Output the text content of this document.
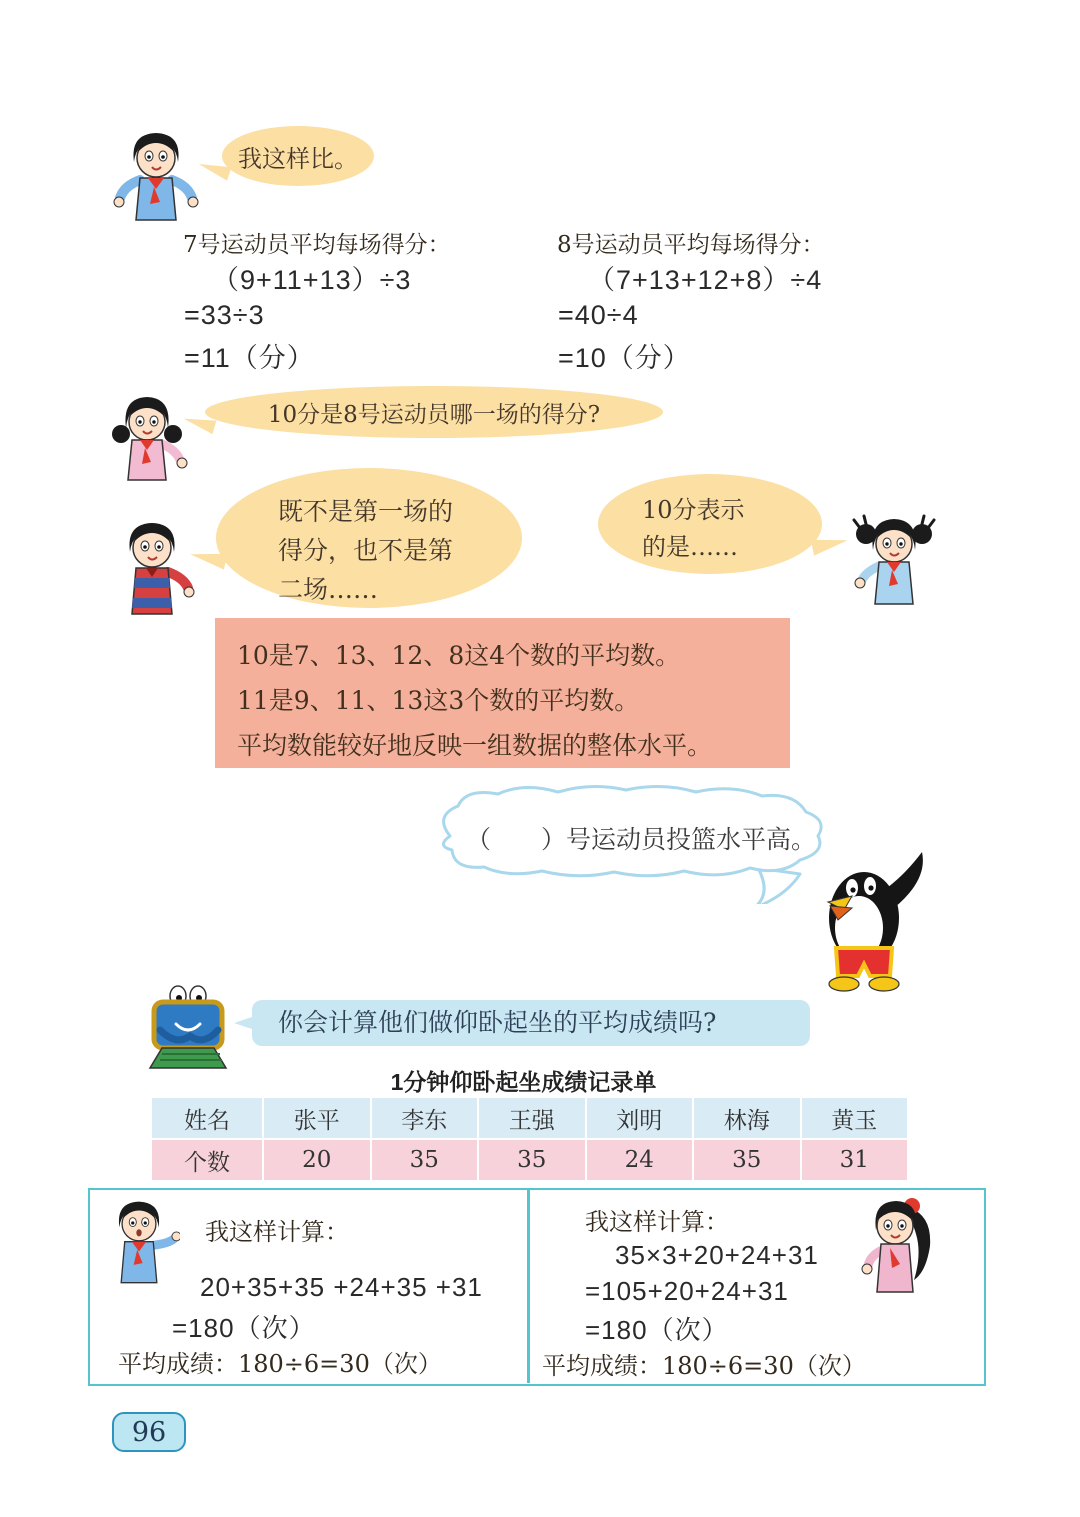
我这样比。
7号运动员平均每场得分：
（9+11+13）÷3
=33÷3
=11（分）
8号运动员平均每场得分：
（7+13+12+8）÷4
=40÷4
=10（分）
10分是8号运动员哪一场的得分?
既不是第一场的
得分，也不是第
二场……
10分表示
的是……
10是7、13、12、8这4个数的平均数。
11是9、11、13这3个数的平均数。
平均数能较好地反映一组数据的整体水平。
（　　）号运动员投篮水平高。
你会计算他们做仰卧起坐的平均成绩吗?
1分钟仰卧起坐成绩记录单
姓名	张平	李东	王强	刘明	林海	黄玉
个数	20	35	35	24	35	31
我这样计算：
20+35+35 +24+35 +31
=180（次）
平均成绩：180÷6=30（次）
我这样计算：
35×3+20+24+31
=105+20+24+31
=180（次）
平均成绩：180÷6=30（次）
96
